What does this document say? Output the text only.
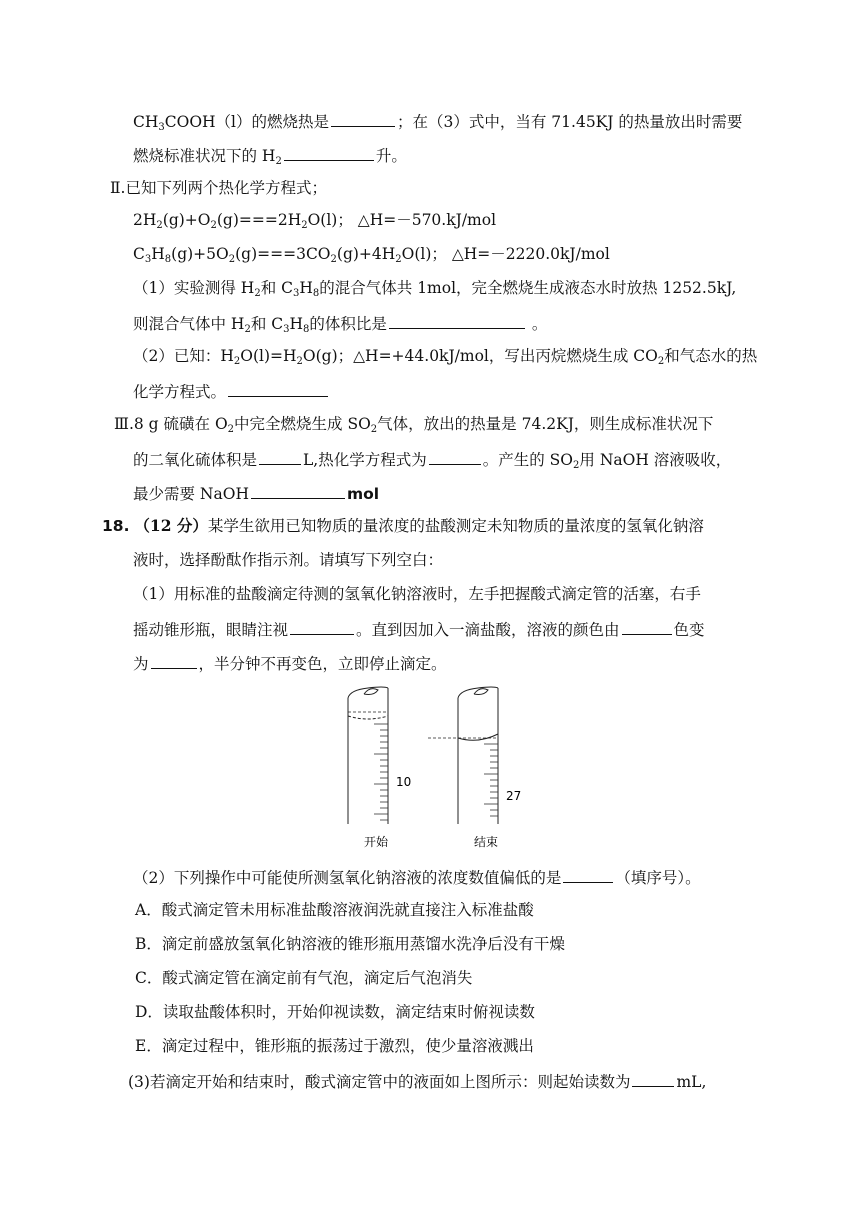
$CH_3COOH(l)$的燃烧热是	；在（3）式中，当有 71.45KJ 的热量放出时需要
燃烧标准状况下的 $H_2$	升。
Ⅱ.已知下列两个热化学方程式；
$2H_2(g)+O_2(g)===2H_2O(l)$； △H=－570.kJ/mol
$C_3H_8(g)+5O_2(g)===3CO_2(g)+4H_2O(l)$； △H=－2220.0kJ/mol
（1）实验测得 $H_2$和 $C_3H_8$的混合气体共 1mol，完全燃烧生成液态水时放热 1252.5kJ,
则混合气体中 $H_2$和 $C_3H_8$的体积比是	。
（2）已知：$H_2O(l)=H_2O(g)$；△H=+44.0kJ/mol，写出丙烷燃烧生成 $CO_2$和气态水的热
化学方程式。
Ⅲ.8 g 硫磺在 $O_2$中完全燃烧生成 $SO_2$气体，放出的热量是 74.2KJ，则生成标准状况下
的二氧化硫体积是	L,热化学方程式为	。产生的 $SO_2$用 NaOH 溶液吸收，
最少需要 NaOH	mol
18. （12 分）某学生欲用已知物质的量浓度的盐酸测定未知物质的量浓度的氢氧化钠溶
液时，选择酚酞作指示剂。请填写下列空白：
（1）用标准的盐酸滴定待测的氢氧化钠溶液时，左手把握酸式滴定管的活塞，右手
摇动锥形瓶，眼睛注视	。直到因加入一滴盐酸，溶液的颜色由	色变
为	，半分钟不再变色，立即停止滴定。
10
开始
27
结束
（2）下列操作中可能使所测氢氧化钠溶液的浓度数值偏低的是	（填序号）。
A．酸式滴定管未用标准盐酸溶液润洗就直接注入标准盐酸
B．滴定前盛放氢氧化钠溶液的锥形瓶用蒸馏水洗净后没有干燥
C．酸式滴定管在滴定前有气泡，滴定后气泡消失
D．读取盐酸体积时，开始仰视读数，滴定结束时俯视读数
E．滴定过程中，锥形瓶的振荡过于激烈，使少量溶液溅出
(3)若滴定开始和结束时，酸式滴定管中的液面如上图所示：则起始读数为	mL,
